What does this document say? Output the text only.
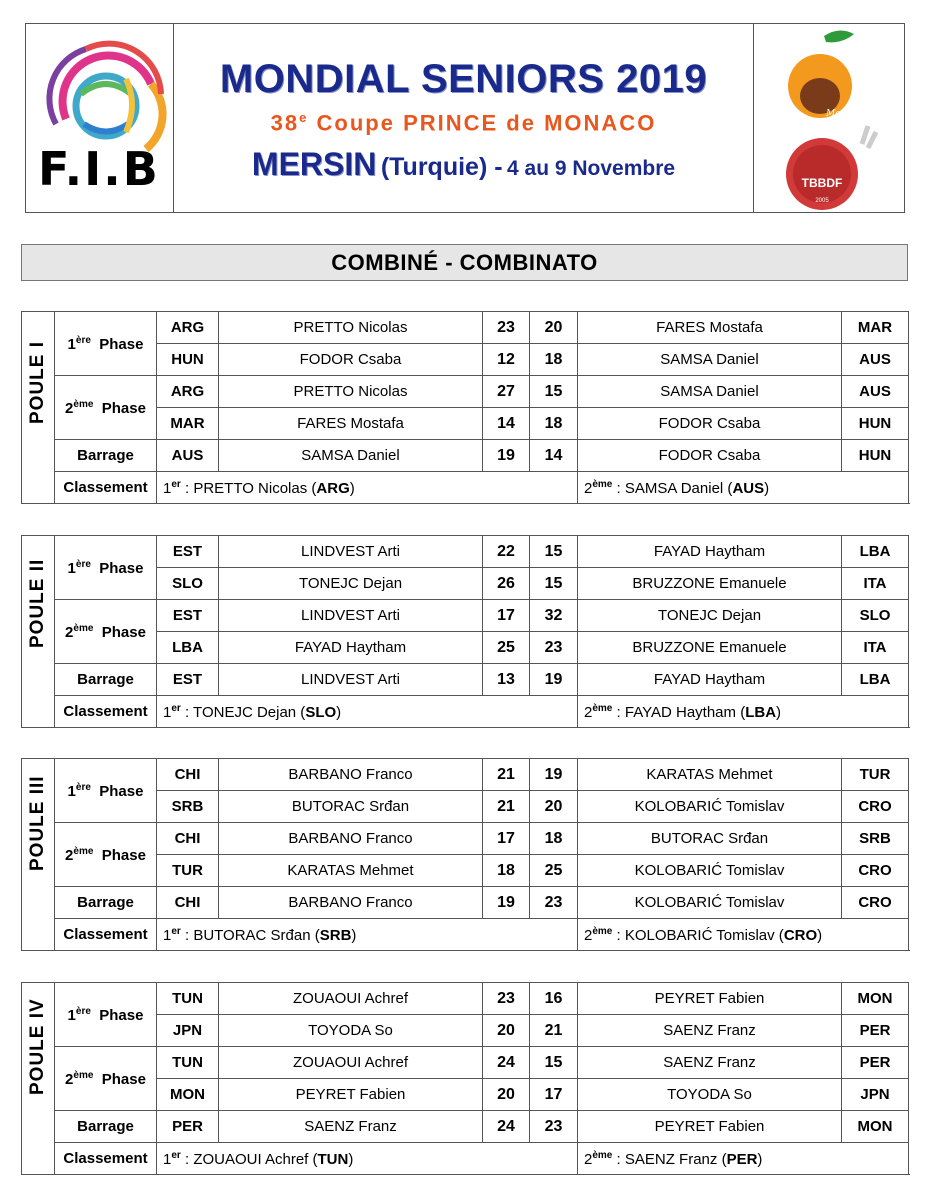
F.I.B
MONDIAL SENIORS 2019
38e Coupe PRINCE de MONACO
MERSIN (Turquie) - 4 au 9 Novembre
Mersin
TBBDF
2005
COMBINÉ - COMBINATO
POULE I	1ère Phase	ARG	PRETTO Nicolas	23	20	FARES Mostafa	MAR
		HUN	FODOR Csaba	12	18	SAMSA Daniel	AUS
	2ème Phase	ARG	PRETTO Nicolas	27	15	SAMSA Daniel	AUS
		MAR	FARES Mostafa	14	18	FODOR Csaba	HUN
	Barrage	AUS	SAMSA Daniel	19	14	FODOR Csaba	HUN
	Classement	1er : PRETTO Nicolas (ARG)				2ème : SAMSA Daniel (AUS)	
POULE II	1ère Phase	EST	LINDVEST Arti	22	15	FAYAD Haytham	LBA
		SLO	TONEJC Dejan	26	15	BRUZZONE Emanuele	ITA
	2ème Phase	EST	LINDVEST Arti	17	32	TONEJC Dejan	SLO
		LBA	FAYAD Haytham	25	23	BRUZZONE Emanuele	ITA
	Barrage	EST	LINDVEST Arti	13	19	FAYAD Haytham	LBA
	Classement	1er : TONEJC Dejan (SLO)				2ème : FAYAD Haytham (LBA)	
POULE III	1ère Phase	CHI	BARBANO Franco	21	19	KARATAS Mehmet	TUR
		SRB	BUTORAC Srđan	21	20	KOLOBARIĆ Tomislav	CRO
	2ème Phase	CHI	BARBANO Franco	17	18	BUTORAC Srđan	SRB
		TUR	KARATAS Mehmet	18	25	KOLOBARIĆ Tomislav	CRO
	Barrage	CHI	BARBANO Franco	19	23	KOLOBARIĆ Tomislav	CRO
	Classement	1er : BUTORAC Srđan (SRB)				2ème : KOLOBARIĆ Tomislav (CRO)	
POULE IV	1ère Phase	TUN	ZOUAOUI Achref	23	16	PEYRET Fabien	MON
		JPN	TOYODA So	20	21	SAENZ Franz	PER
	2ème Phase	TUN	ZOUAOUI Achref	24	15	SAENZ Franz	PER
		MON	PEYRET Fabien	20	17	TOYODA So	JPN
	Barrage	PER	SAENZ Franz	24	23	PEYRET Fabien	MON
	Classement	1er : ZOUAOUI Achref (TUN)				2ème : SAENZ Franz (PER)	
